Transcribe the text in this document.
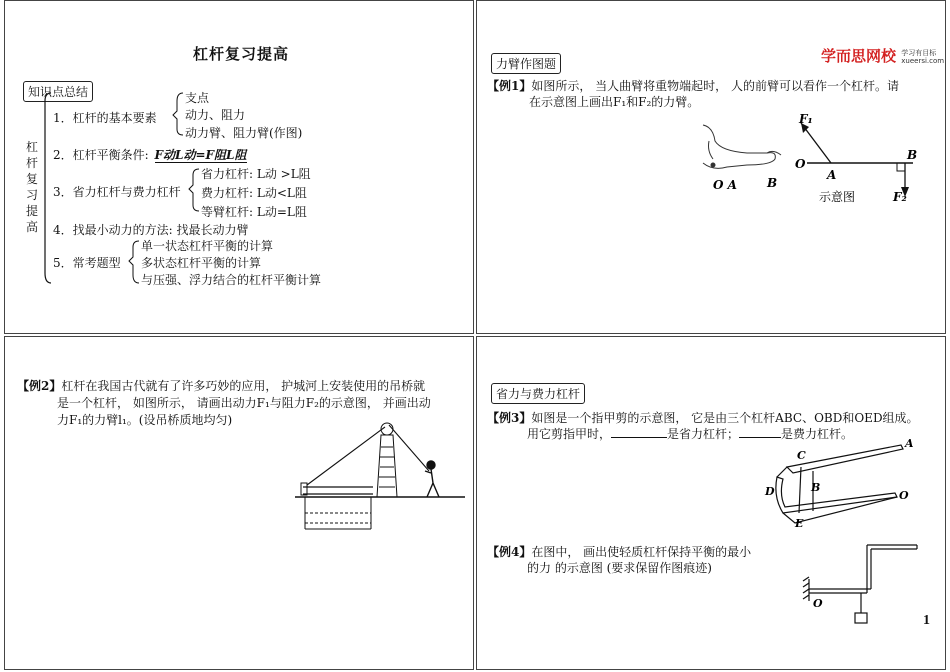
杠杆复习提高
知识点总结
杠杆复习提高
1．杠杆的基本要素
支点
动力、阻力
动力臂、阻力臂(作图)
2．杠杆平衡条件: F动L动=F阻L阻
3．省力杠杆与费力杠杆
省力杠杆: L动 >L阻
费力杠杆: L动<L阻
等臂杠杆: L动=L阻
4．找最小动力的方法: 找最长动力臂
5．常考题型
单一状态杠杆平衡的计算
多状态杠杆平衡的计算
与压强、浮力结合的杠杆平衡计算
力臂作图题	学而思网校 学习有目标
xueersi.com
【例1】如图所示， 当人曲臂将重物端起时， 人的前臂可以看作一个杠杆。请
在示意图上画出F₁和F₂的力臂。
F₁
O
A
B
F₂
O A	B
示意图
【例2】杠杆在我国古代就有了许多巧妙的应用， 护城河上安装使用的吊桥就
是一个杠杆， 如图所示， 请画出动力F₁与阻力F₂的示意图， 并画出动
力F₁的力臂l₁。(设吊桥质地均匀)
省力与费力杠杆
【例3】如图是一个指甲剪的示意图， 它是由三个杠杆ABC、OBD和OED组成。
用它剪指甲时，	是省力杠杆；	是费力杠杆。
A
C
B
D
E
O
【例4】在图中， 画出使轻质杠杆保持平衡的最小
的力 的示意图 (要求保留作图痕迹)
O
1
